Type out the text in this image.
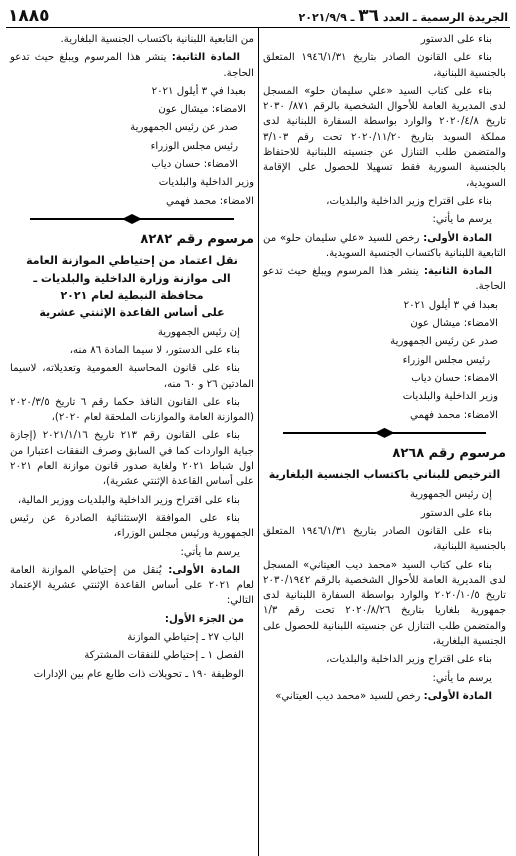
الجريدة الرسمية ـ العدد ٣٦ ـ ٢٠٢١/٩/٩
١٨٨٥

بناء على الدستور

بناء على القانون الصادر بتاريخ ١٩٤٦/١/٣١ المتعلق بالجنسية اللبنانية،

بناء على كتاب السيد «علي سليمان حلو» المسجل لدى المديرية العامة للأحوال الشخصية بالرقم ٨٧١/ ٢٠٣٠ تاريخ ٢٠٢٠/٤/٨ والوارد بواسطة السفارة اللبنانية لدى مملكة السويد بتاريخ ٢٠٢٠/١١/٢٠ تحت رقم ٣/١٠٣ والمتضمن طلب التنازل عن جنسيته اللبنانية للاحتفاظ بالجنسية السورية فقط تسهيلا للحصول على الإقامة السويدية،

بناء على اقتراح وزير الداخلية والبلديات،

يرسم ما يأتي:

المادة الأولى: رخص للسيد «علي سليمان حلو» من التابعية اللبنانية باكتساب الجنسية السويدية.

المادة الثانية: ينشر هذا المرسوم ويبلغ حيث تدعو الحاجة.

بعبدا في ٣ أيلول ٢٠٢١

الامضاء: ميشال عون

صدر عن رئيس الجمهورية

رئيس مجلس الوزراء

الامضاء: حسان دياب

وزير الداخلية والبلديات

الامضاء: محمد فهمي

مرسوم رقم ٨٢٦٨
الترخيص للبناني باكتساب الجنسية البلغارية

إن رئيس الجمهورية

بناء على الدستور

بناء على القانون الصادر بتاريخ ١٩٤٦/١/٣١ المتعلق بالجنسية اللبنانية،

بناء على كتاب السيد «محمد ديب العيتاني» المسجل لدى المديرية العامة للأحوال الشخصية بالرقم ٢٠٣٠/١٩٤٢ تاريخ ٢٠٢٠/١٠/٥ والوارد بواسطة السفارة اللبنانية لدى جمهورية بلغاريا بتاريخ ٢٠٢٠/٨/٢٦ تحت رقم ١/٣ والمتضمن طلب التنازل عن جنسيته اللبنانية للحصول على الجنسية البلغارية،

بناء على اقتراح وزير الداخلية والبلديات،

يرسم ما يأتي:

المادة الأولى: رخص للسيد «محمد ديب العيتاني»

من التابعية اللبنانية باكتساب الجنسية البلغارية.

المادة الثانية: ينشر هذا المرسوم ويبلغ حيث تدعو الحاجة.

بعبدا في ٣ أيلول ٢٠٢١

الامضاء: ميشال عون

صدر عن رئيس الجمهورية

رئيس مجلس الوزراء

الامضاء: حسان دياب

وزير الداخلية والبلديات

الامضاء: محمد فهمي

مرسوم رقم ٨٢٨٢
نقل اعتماد من إحتياطي الموازنة العامة
الى موازنة وزارة الداخلية والبلديات ـ
محافظة النبطية لعام ٢٠٢١
على أساس القاعدة الإثنتي عشرية

إن رئيس الجمهورية

بناء على الدستور، لا سيما المادة ٨٦ منه،

بناء على قانون المحاسبة العمومية وتعديلاته، لاسيما المادتين ٢٦ و ٦٠ منه،

بناء على القانون النافذ حكما رقم ٦ تاريخ ٢٠٢٠/٣/٥ (الموازنة العامة والموازنات الملحقة لعام ٢٠٢٠)،

بناء على القانون رقم ٢١٣ تاريخ ٢٠٢١/١/١٦ (إجازة جباية الواردات كما في السابق وصرف النفقات اعتبارا من اول شباط ٢٠٢١ ولغاية صدور قانون موازنة العام ٢٠٢١ على أساس القاعدة الإثنتي عشرية)،

بناء على اقتراح وزير الداخلية والبلديات ووزير المالية،

بناء على الموافقة الإستثنائية الصادرة عن رئيس الجمهورية ورئيس مجلس الوزراء،

يرسم ما يأتي:

المادة الأولى: يُنقل من إحتياطي الموازنة العامة لعام ٢٠٢١ على أساس القاعدة الإثنتي عشرية الإعتماد التالي:

من الجزء الأول:

الباب ٢٧ ـ إحتياطي الموازنة

الفصل ١ ـ إحتياطي للنفقات المشتركة

الوظيفة ١٩٠ ـ تحويلات ذات طابع عام بين الإدارات
